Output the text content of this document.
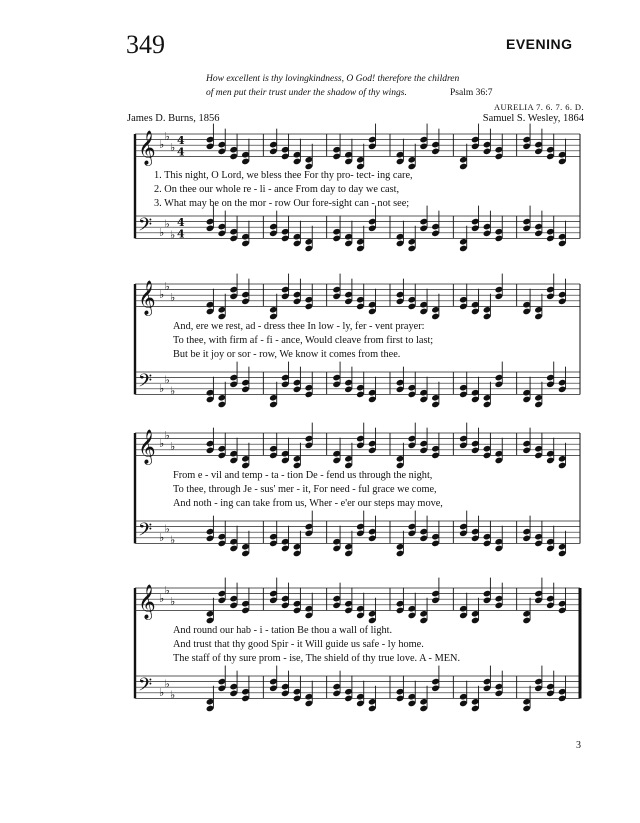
349	EVENING
How excellent is thy lovingkindness, O God! therefore the children
of men put their trust under the shadow of thy wings.	Psalm 36:7
AURELIA 7. 6. 7. 6. D.
James D. Burns, 1856	Samuel S. Wesley, 1864
𝄞 ♭
♭
♭
4
4
𝄢 ♭
♭
♭
4
4
1. This night, O Lord, we bless thee For thy pro- tect- ing care,
2. On thee our whole re - li - ance From day to day we cast,
3. What may be on the mor - row Our fore-sight can - not see;
𝄞 ♭
♭
♭
𝄢 ♭
♭
♭
And, ere we rest, ad - dress thee In low - ly, fer - vent prayer:
To thee, with firm af - fi - ance, Would cleave from first to last;
But be it joy or sor - row, We know it comes from thee.
𝄞 ♭
♭
♭
𝄢 ♭
♭
♭
From e - vil and temp - ta - tion De - fend us through the night,
To thee, through Je - sus' mer - it, For need - ful grace we come,
And noth - ing can take from us, Wher - e'er our steps may move,
𝄞 ♭
♭
♭
𝄢 ♭
♭
♭
And round our hab - i - tation Be thou a wall of light.
And trust that thy good Spir - it Will guide us safe - ly home.
The staff of thy sure prom - ise, The shield of thy true love. A - MEN.
3
